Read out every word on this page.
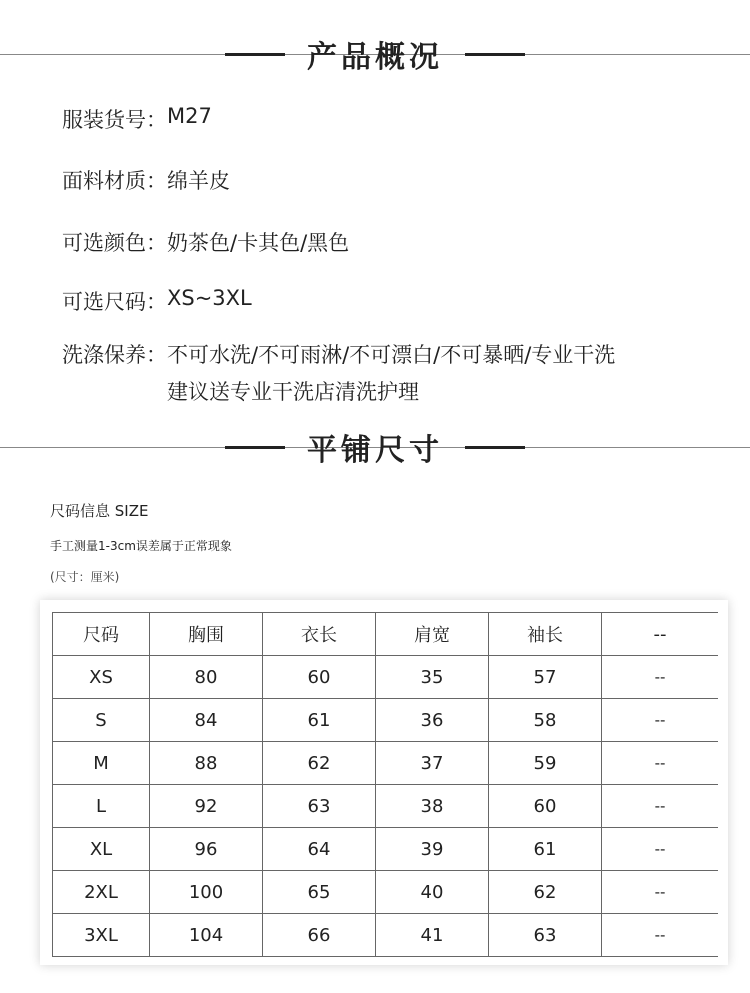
产品概况
服装货号： M27
面料材质： 绵羊皮
可选颜色： 奶茶色/卡其色/黑色
可选尺码： XS~3XL
洗涤保养： 不可水洗/不可雨淋/不可漂白/不可暴晒/专业干洗
建议送专业干洗店清洗护理
平铺尺寸
尺码信息 SIZE
手工测量1-3cm误差属于正常现象
(尺寸：厘米)
尺码	胸围	衣长	肩宽	袖长	--
XS	80	60	35	57	--
S	84	61	36	58	--
M	88	62	37	59	--
L	92	63	38	60	--
XL	96	64	39	61	--
2XL	100	65	40	62	--
3XL	104	66	41	63	--
